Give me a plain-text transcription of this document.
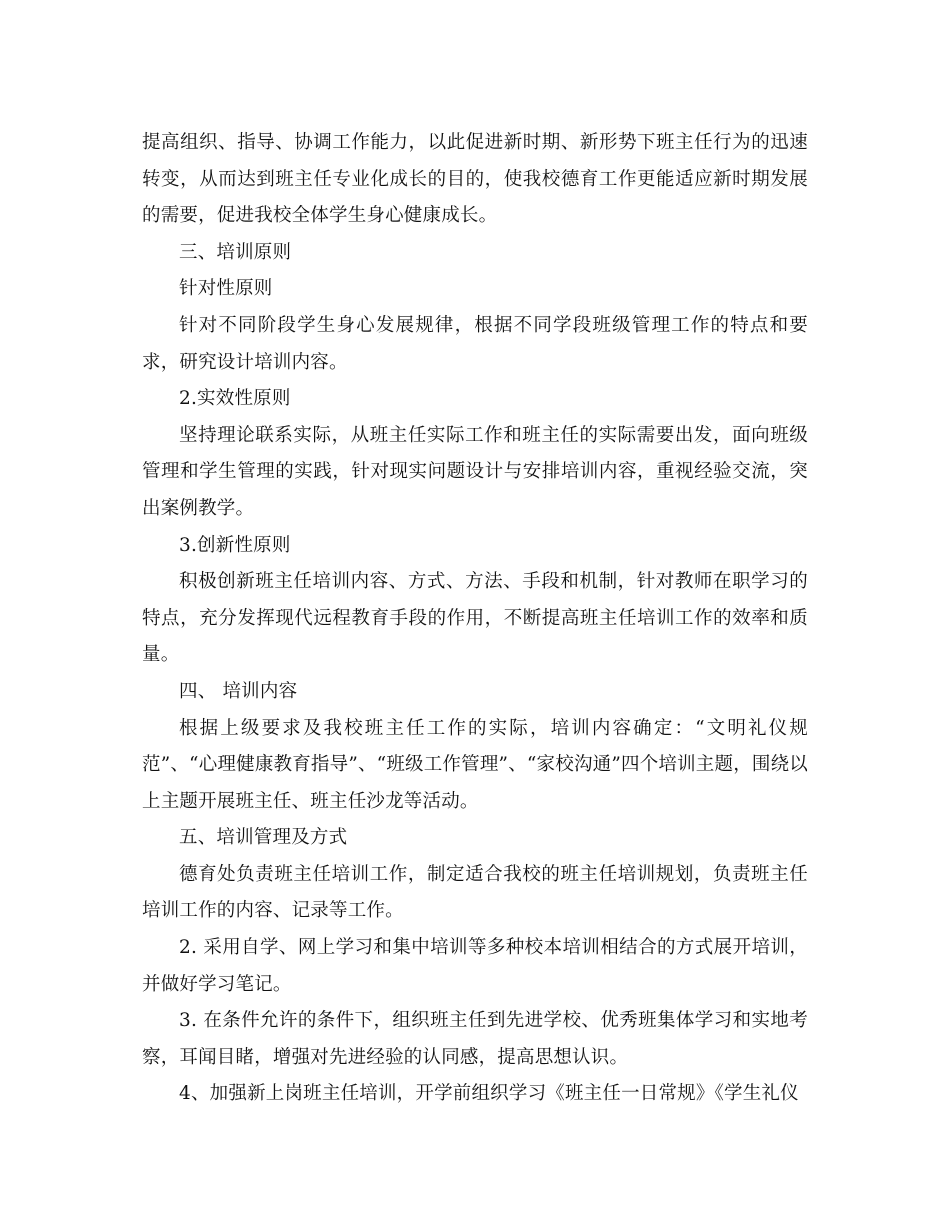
提高组织、指导、协调工作能力，以此促进新时期、新形势下班主任行为的迅速转变，从而达到班主任专业化成长的目的，使我校德育工作更能适应新时期发展的需要，促进我校全体学生身心健康成长。

三、培训原则

针对性原则

针对不同阶段学生身心发展规律，根据不同学段班级管理工作的特点和要求，研究设计培训内容。

2.实效性原则

坚持理论联系实际，从班主任实际工作和班主任的实际需要出发，面向班级管理和学生管理的实践，针对现实问题设计与安排培训内容，重视经验交流，突出案例教学。

3.创新性原则

积极创新班主任培训内容、方式、方法、手段和机制，针对教师在职学习的特点，充分发挥现代远程教育手段的作用，不断提高班主任培训工作的效率和质量。

四、 培训内容

根据上级要求及我校班主任工作的实际，培训内容确定：“文明礼仪规范”、“心理健康教育指导”、“班级工作管理”、“家校沟通”四个培训主题，围绕以上主题开展班主任、班主任沙龙等活动。

五、培训管理及方式

德育处负责班主任培训工作，制定适合我校的班主任培训规划，负责班主任培训工作的内容、记录等工作。

2. 采用自学、网上学习和集中培训等多种校本培训相结合的方式展开培训，并做好学习笔记。

3. 在条件允许的条件下，组织班主任到先进学校、优秀班集体学习和实地考察，耳闻目睹，增强对先进经验的认同感，提高思想认识。

4、加强新上岗班主任培训，开学前组织学习《班主任一日常规》《学生礼仪
